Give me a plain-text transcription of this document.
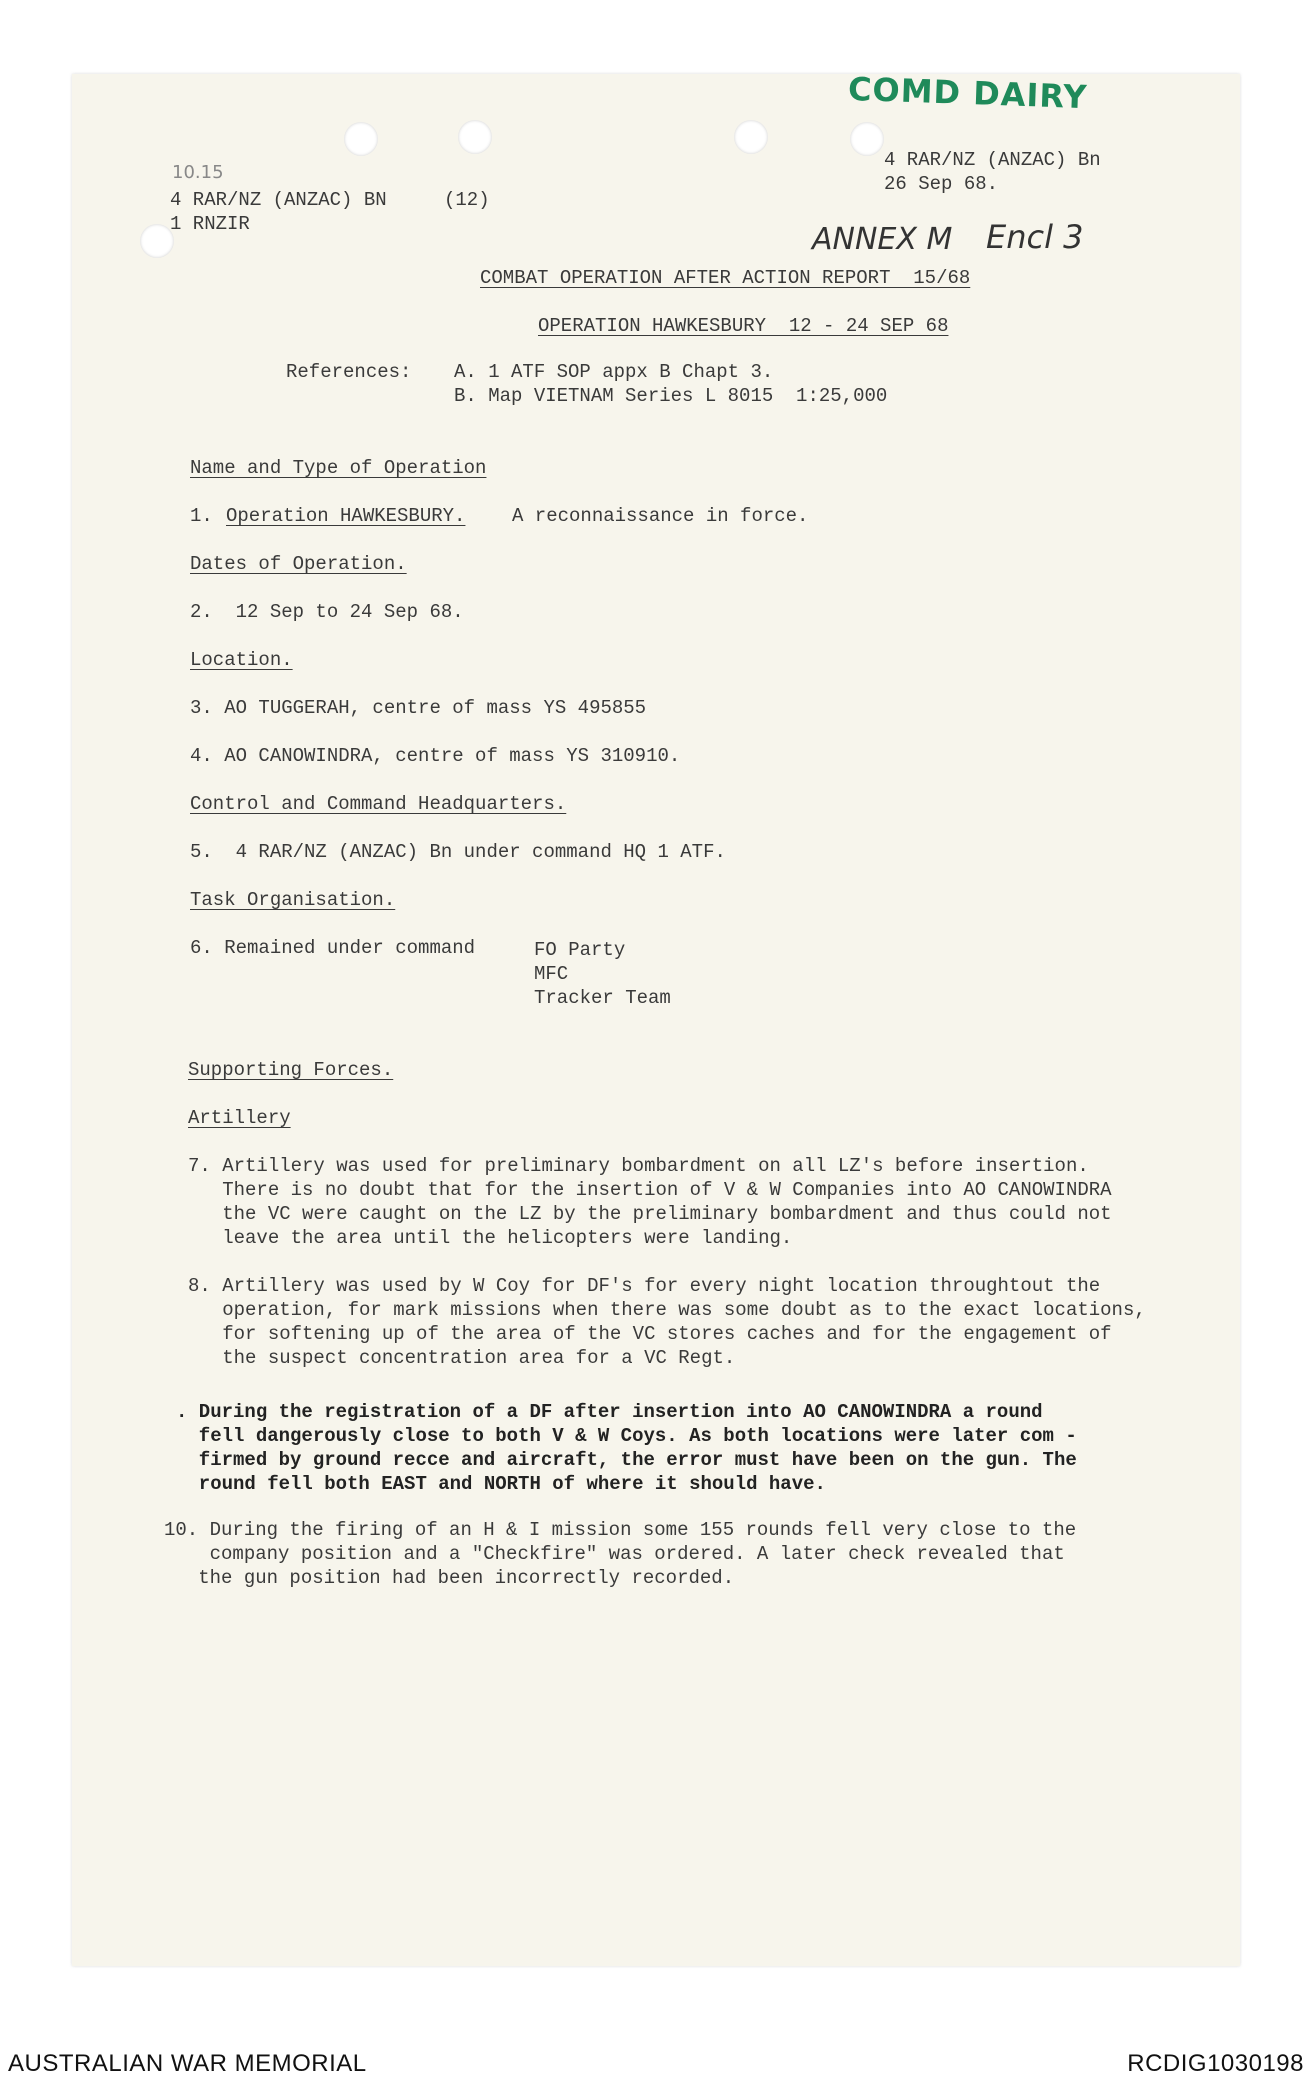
COMD DAIRY
ANNEX M Encl 3
10.15
4 RAR/NZ (ANZAC) BN
1 RNZIR
(12)
4 RAR/NZ (ANZAC) Bn
26 Sep 68.
COMBAT OPERATION AFTER ACTION REPORT  15/68
OPERATION HAWKESBURY  12 - 24 SEP 68
References: A. 1 ATF SOP appx B Chapt 3.
B. Map VIETNAM Series L 8015  1:25,000
Name and Type of Operation
1. Operation HAWKESBURY. A reconnaissance in force.
Dates of Operation.
2.  12 Sep to 24 Sep 68.
Location.
3. AO TUGGERAH, centre of mass YS 495855
4. AO CANOWINDRA, centre of mass YS 310910.
Control and Command Headquarters.
5.  4 RAR/NZ (ANZAC) Bn under command HQ 1 ATF.
Task Organisation.
6. Remained under command	FO Party
MFC
Tracker Team
Supporting Forces.
Artillery
7. Artillery was used for preliminary bombardment on all LZ's before insertion.
There is no doubt that for the insertion of V & W Companies into AO CANOWINDRA
the VC were caught on the LZ by the preliminary bombardment and thus could not
leave the area until the helicopters were landing.
8. Artillery was used by W Coy for DF's for every night location throughtout the
operation, for mark missions when there was some doubt as to the exact locations,
for softening up of the area of the VC stores caches and for the engagement of
the suspect concentration area for a VC Regt.
. During the registration of a DF after insertion into AO CANOWINDRA a round
fell dangerously close to both V & W Coys. As both locations were later com -
firmed by ground recce and aircraft, the error must have been on the gun. The
round fell both EAST and NORTH of where it should have.
10. During the firing of an H & I mission some 155 rounds fell very close to the
company position and a "Checkfire" was ordered. A later check revealed that
the gun position had been incorrectly recorded.
AUSTRALIAN WAR MEMORIAL	RCDIG1030198
